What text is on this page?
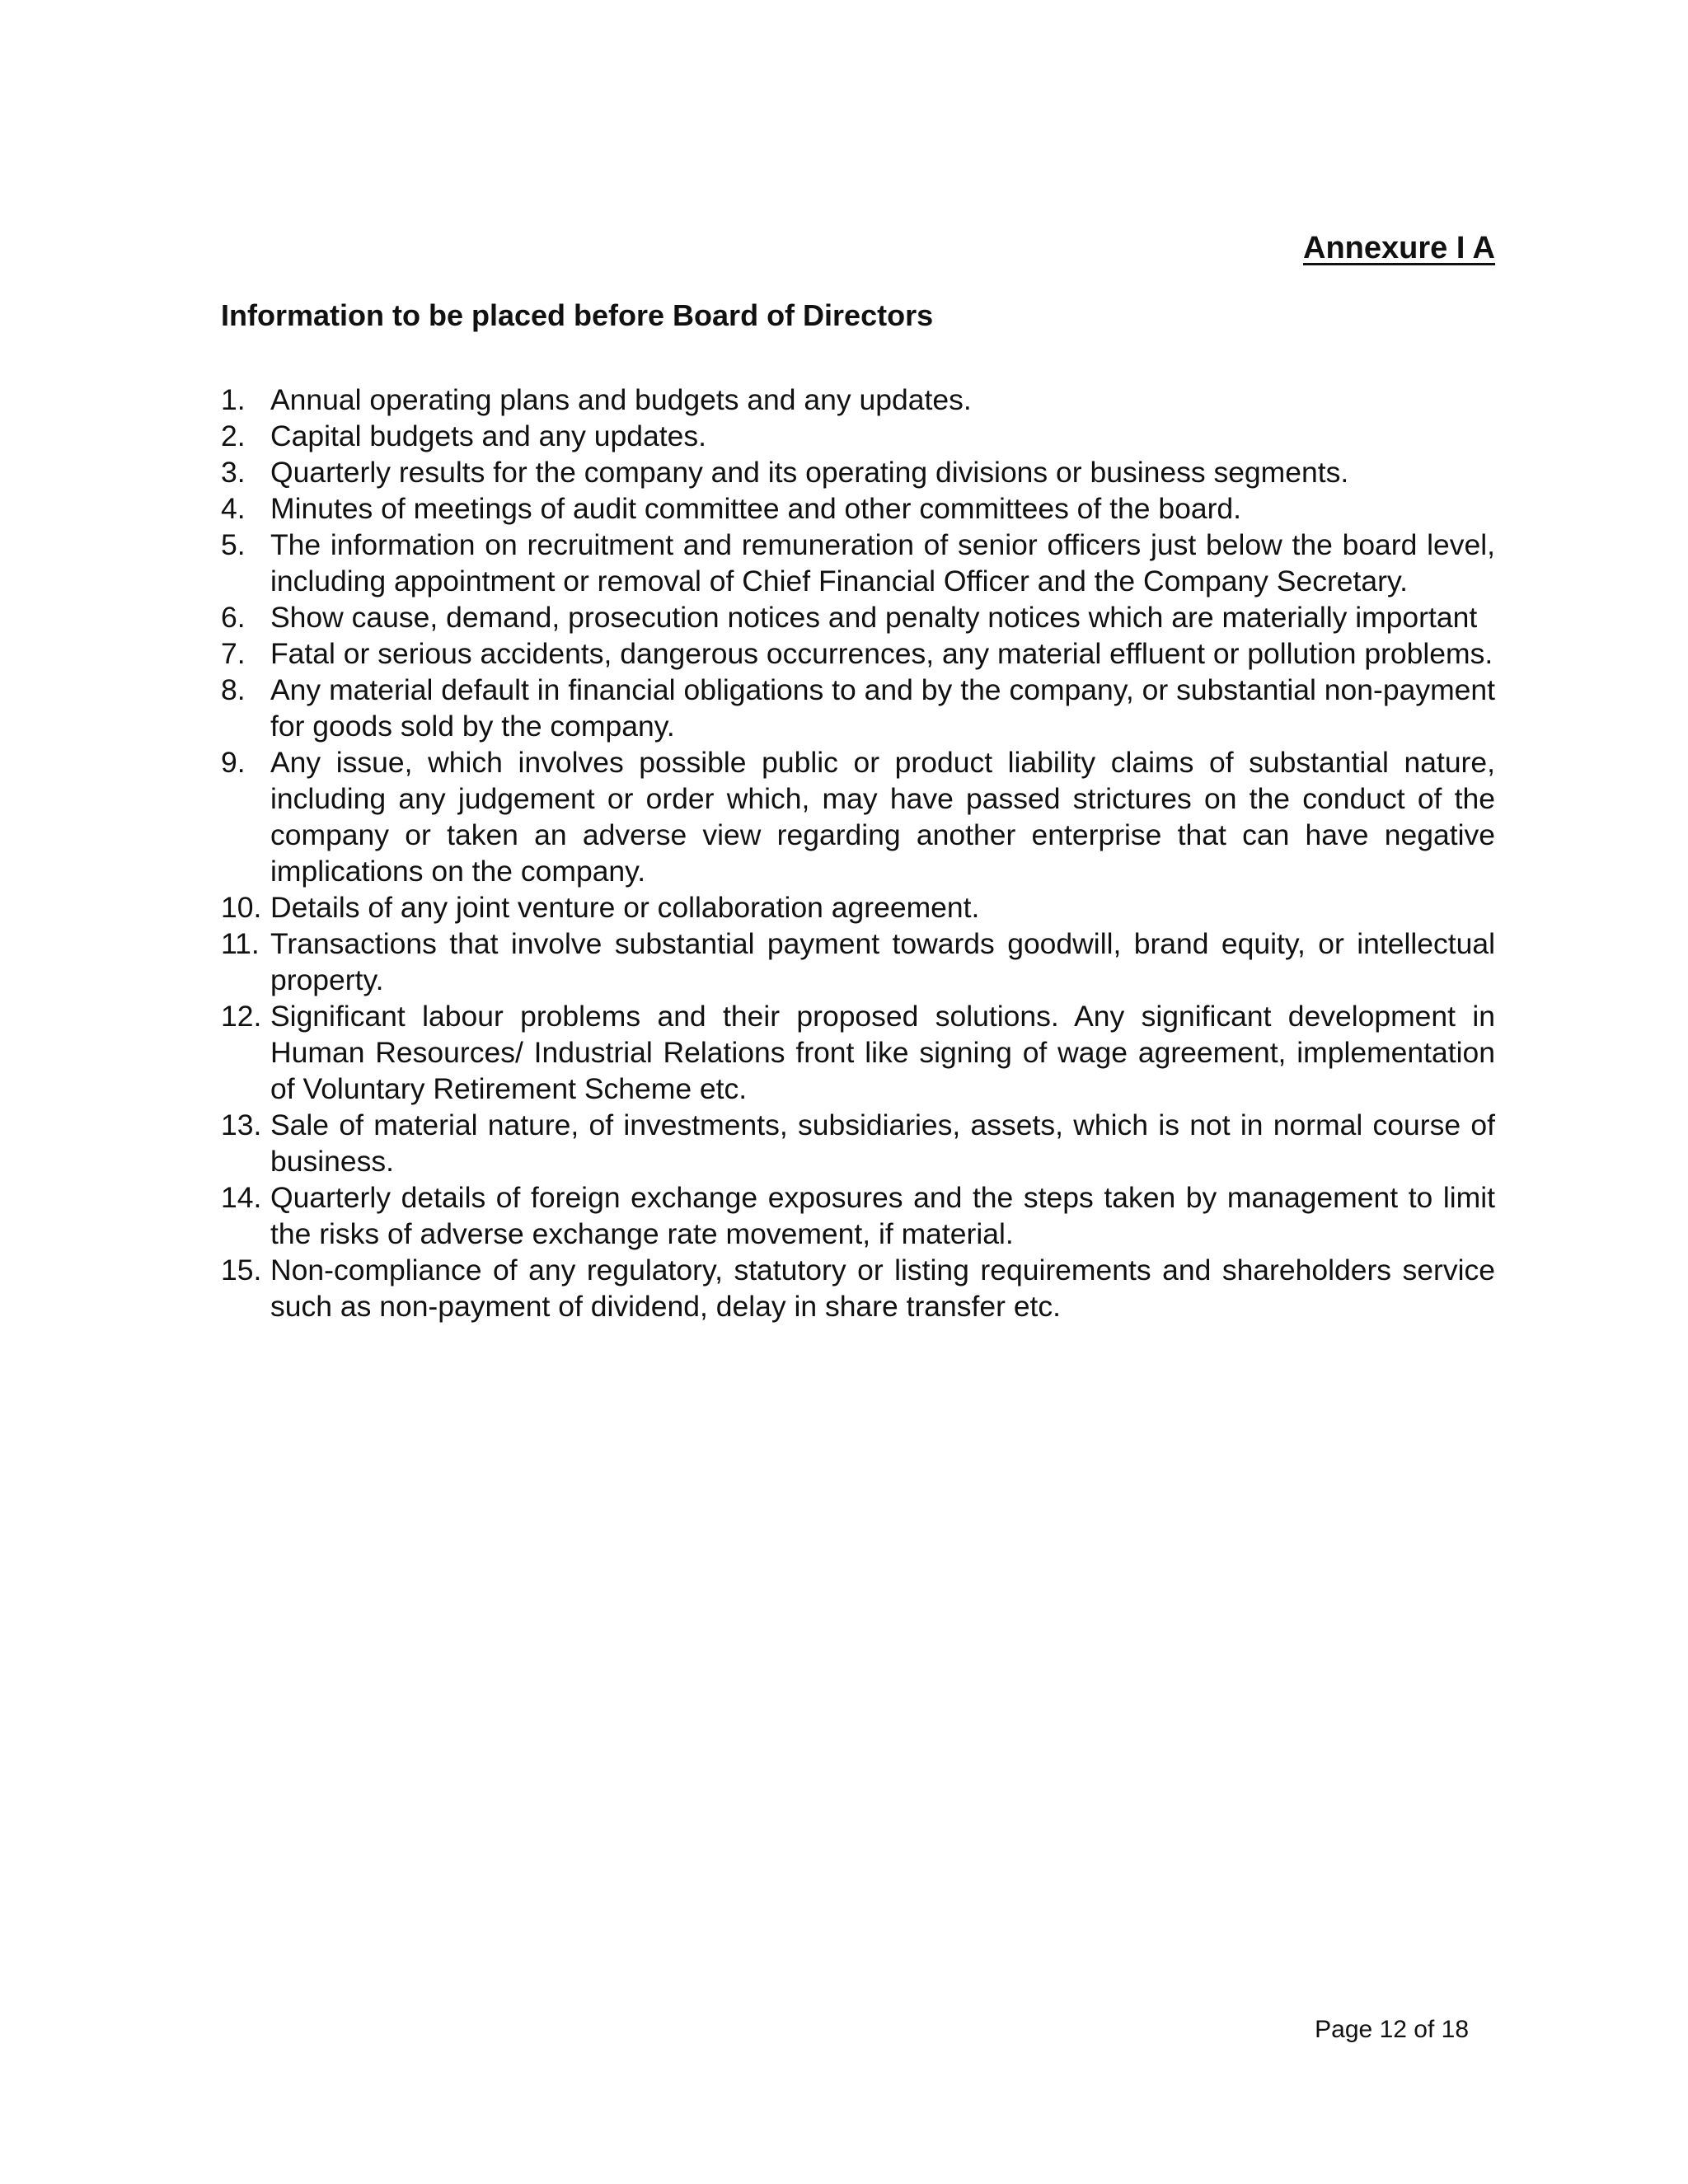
Annexure I A
Information to be placed before Board of Directors
1. Annual operating plans and budgets and any updates.
2. Capital budgets and any updates.
3. Quarterly results for the company and its operating divisions or business segments.
4. Minutes of meetings of audit committee and other committees of the board.
5. The information on recruitment and remuneration of senior officers just below the board level, including appointment or removal of Chief Financial Officer and the Company Secretary.
6. Show cause, demand, prosecution notices and penalty notices which are materially important
7. Fatal or serious accidents, dangerous occurrences, any material effluent or pollution problems.
8. Any material default in financial obligations to and by the company, or substantial non-payment for goods sold by the company.
9. Any issue, which involves possible public or product liability claims of substantial nature, including any judgement or order which, may have passed strictures on the conduct of the company or taken an adverse view regarding another enterprise that can have negative implications on the company.
10. Details of any joint venture or collaboration agreement.
11. Transactions that involve substantial payment towards goodwill, brand equity, or intellectual property.
12. Significant labour problems and their proposed solutions. Any significant development in Human Resources/ Industrial Relations front like signing of wage agreement, implementation of Voluntary Retirement Scheme etc.
13. Sale of material nature, of investments, subsidiaries, assets, which is not in normal course of business.
14. Quarterly details of foreign exchange exposures and the steps taken by management to limit the risks of adverse exchange rate movement, if material.
15. Non-compliance of any regulatory, statutory or listing requirements and shareholders service such as non-payment of dividend, delay in share transfer etc.
Page 12 of 18
